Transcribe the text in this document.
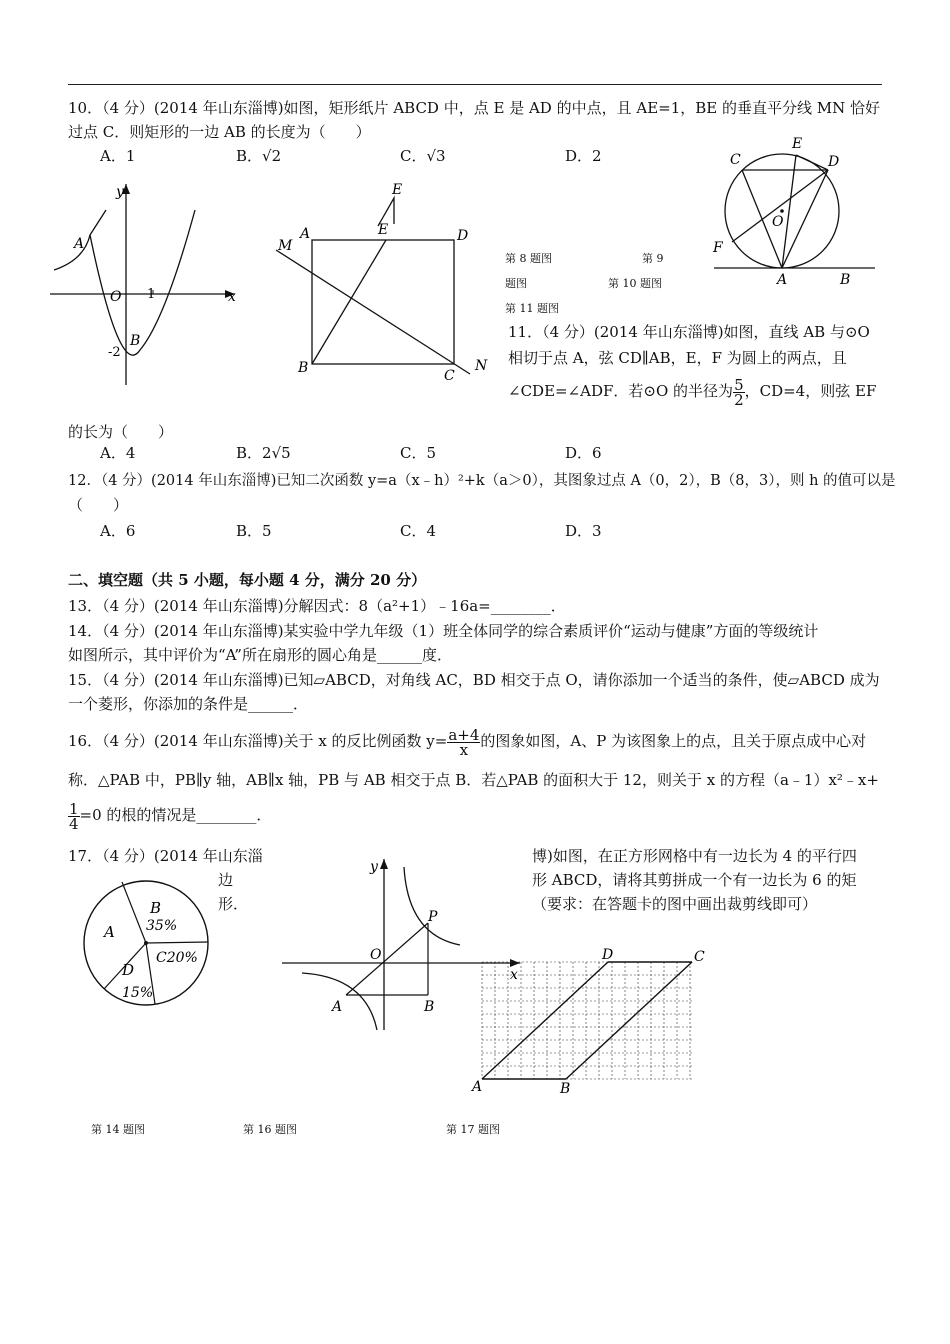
10．（4 分）(2014 年山东淄博)如图，矩形纸片 ABCD 中，点 E 是 AD 的中点，且 AE=1，BE 的垂直平分线 MN 恰好
过点 C．则矩形的一边 AB 的长度为（　　）
A．1	B．√2	C．√3	D．2
y
x
A
O 1
B
-2
E
A	E	D
M
B	C
N
第 8 题图	第 9
题图	第 10 题图
第 11 题图
C
E
D
O
F
A	B
11．（4 分）(2014 年山东淄博)如图，直线 AB 与⊙O
相切于点 A，弦 CD∥AB，E，F 为圆上的两点，且
∠CDE=∠ADF．若⊙O 的半径为 $\frac{5}{2}$ ，CD=4，则弦 EF
的长为（　　）
A．4	B．2√5	C．5	D．6
12．（4 分）(2014 年山东淄博)已知二次函数 y=a（x﹣h）²+k（a＞0），其图象过点 A（0，2），B（8，3），则 h 的值可以是
（　　）
A．6	B．5	C．4	D．3
二、填空题（共 5 小题，每小题 4 分，满分 20 分）
13．（4 分）(2014 年山东淄博)分解因式：8（a²+1）﹣16a=________．
14．（4 分）(2014 年山东淄博)某实验中学九年级（1）班全体同学的综合素质评价“运动与健康”方面的等级统计
如图所示，其中评价为“A”所在扇形的圆心角是______度．
15．（4 分）(2014 年山东淄博)已知▱ABCD，对角线 AC，BD 相交于点 O，请你添加一个适当的条件，使▱ABCD 成为
一个菱形，你添加的条件是______．
16．（4 分）(2014 年山东淄博)关于 x 的反比例函数 $y= \frac{a+4}{x}$ 的图象如图，A、P 为该图象上的点，且关于原点成中心对
称．△PAB 中，PB∥y 轴，AB∥x 轴，PB 与 AB 相交于点 B．若△PAB 的面积大于 12，则关于 x 的方程（a﹣1）x²﹣x+
$\frac{1}{4} =0$ 的根的情况是________．
17．（4 分）(2014 年山东淄
边
形．
博)如图，在正方形网格中有一边长为 4 的平行四
形 ABCD，请将其剪拼成一个有一边长为 6 的矩
（要求：在答题卡的图中画出裁剪线即可）
A
B
35%
C20%
D
15%
y
x
O
P
A	B
A	B
C
D
第 14 题图	第 16 题图	第 17 题图
